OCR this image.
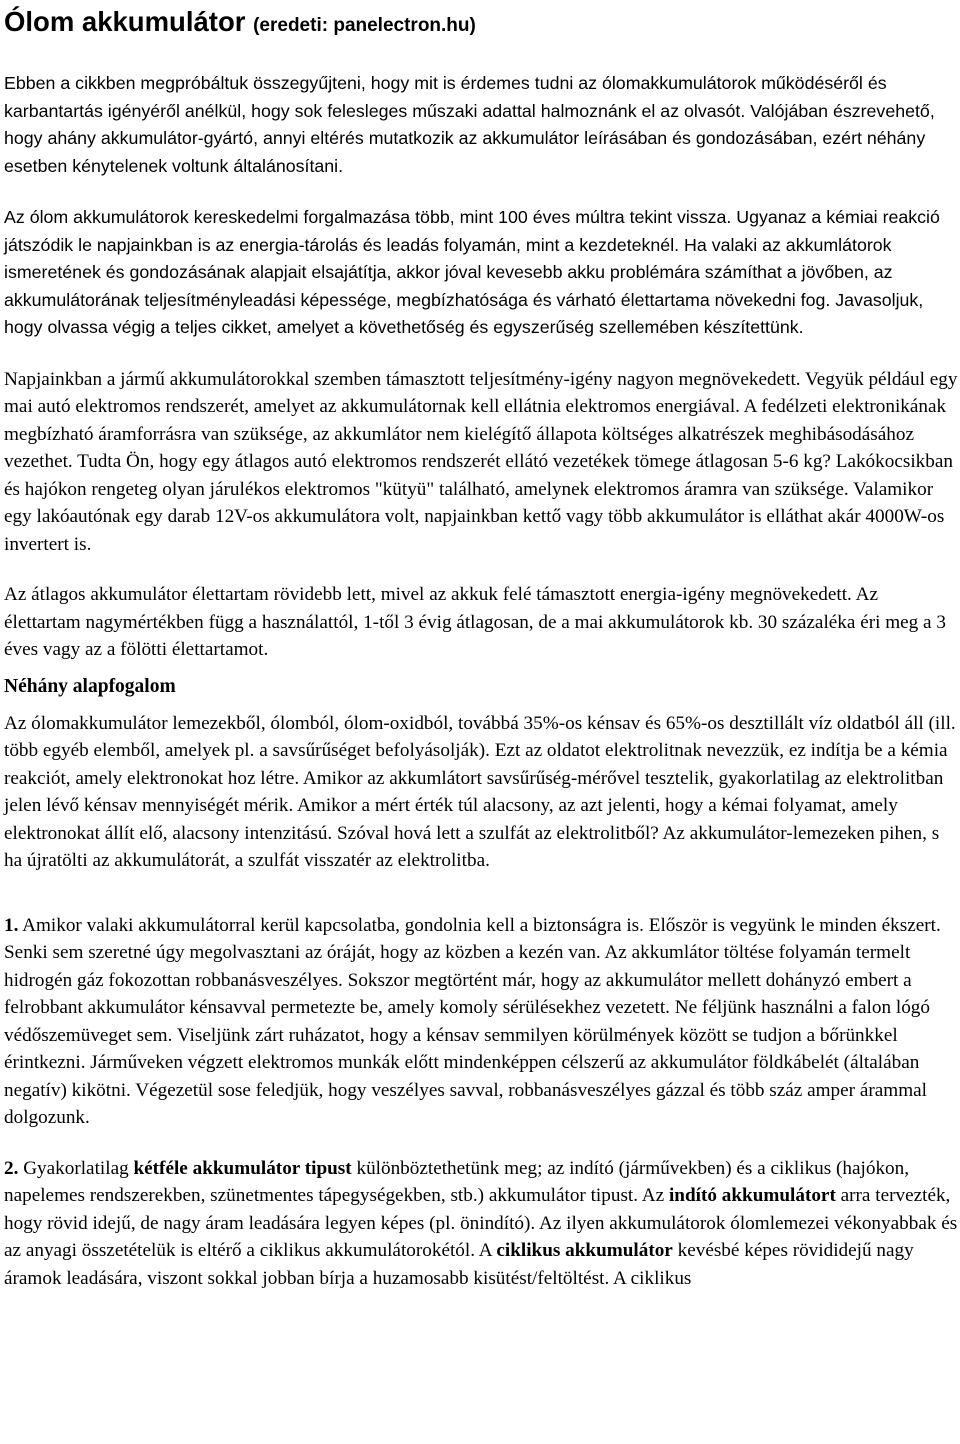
Ólom akkumulátor (eredeti: panelectron.hu)

Ebben a cikkben megpróbáltuk összegyűjteni, hogy mit is érdemes tudni az ólomakkumulátorok működéséről és karbantartás igényéről anélkül, hogy sok felesleges műszaki adattal halmoznánk el az olvasót. Valójában észrevehető, hogy ahány akkumulátor-gyártó, annyi eltérés mutatkozik az akkumulátor leírásában és gondozásában, ezért néhány esetben kénytelenek voltunk általánosítani.

Az ólom akkumulátorok kereskedelmi forgalmazása több, mint 100 éves múltra tekint vissza. Ugyanaz a kémiai reakció játszódik le napjainkban is az energia-tárolás és leadás folyamán, mint a kezdeteknél. Ha valaki az akkumlátorok ismeretének és gondozásának alapjait elsajátítja, akkor jóval kevesebb akku problémára számíthat a jövőben, az akkumulátorának teljesítményleadási képessége, megbízhatósága és várható élettartama növekedni fog. Javasoljuk, hogy olvassa végig a teljes cikket, amelyet a követhetőség és egyszerűség szellemében készítettünk.

Napjainkban a jármű akkumulátorokkal szemben támasztott teljesítmény-igény nagyon megnövekedett. Vegyük például egy mai autó elektromos rendszerét, amelyet az akkumulátornak kell ellátnia elektromos energiával. A fedélzeti elektronikának megbízható áramforrásra van szüksége, az akkumlátor nem kielégítő állapota költséges alkatrészek meghibásodásához vezethet. Tudta Ön, hogy egy átlagos autó elektromos rendszerét ellátó vezetékek tömege átlagosan 5-6 kg? Lakókocsikban és hajókon rengeteg olyan járulékos elektromos "kütyü" található, amelynek elektromos áramra van szüksége. Valamikor egy lakóautónak egy darab 12V-os akkumulátora volt, napjainkban kettő vagy több akkumulátor is elláthat akár 4000W-os invertert is.

Az átlagos akkumulátor élettartam rövidebb lett, mivel az akkuk felé támasztott energia-igény megnövekedett. Az élettartam nagymértékben függ a használattól, 1-től 3 évig átlagosan, de a mai akkumulátorok kb. 30 százaléka éri meg a 3 éves vagy az a fölötti élettartamot.

Néhány alapfogalom

Az ólomakkumulátor lemezekből, ólomból, ólom-oxidból, továbbá 35%-os kénsav és 65%-os desztillált víz oldatból áll (ill. több egyéb elemből, amelyek pl. a savsűrűséget befolyásolják). Ezt az oldatot elektrolitnak nevezzük, ez indítja be a kémia reakciót, amely elektronokat hoz létre. Amikor az akkumlátort savsűrűség-mérővel tesztelik, gyakorlatilag az elektrolitban jelen lévő kénsav mennyiségét mérik. Amikor a mért érték túl alacsony, az azt jelenti, hogy a kémai folyamat, amely elektronokat állít elő, alacsony intenzitású. Szóval hová lett a szulfát az elektrolitből? Az akkumulátor-lemezeken pihen, s ha újratölti az akkumulátorát, a szulfát visszatér az elektrolitba.

1. Amikor valaki akkumulátorral kerül kapcsolatba, gondolnia kell a biztonságra is. Először is vegyünk le minden ékszert. Senki sem szeretné úgy megolvasztani az óráját, hogy az közben a kezén van. Az akkumlátor töltése folyamán termelt hidrogén gáz fokozottan robbanásveszélyes. Sokszor megtörtént már, hogy az akkumulátor mellett dohányzó embert a felrobbant akkumulátor kénsavval permetezte be, amely komoly sérülésekhez vezetett. Ne féljünk használni a falon lógó védőszemüveget sem. Viseljünk zárt ruházatot, hogy a kénsav semmilyen körülmények között se tudjon a bőrünkkel érintkezni. Járműveken végzett elektromos munkák előtt mindenképpen célszerű az akkumulátor földkábelét (általában negatív) kikötni. Végezetül sose feledjük, hogy veszélyes savval, robbanásveszélyes gázzal és több száz amper árammal dolgozunk.

2. Gyakorlatilag kétféle akkumulátor tipust különböztethetünk meg; az indító (járművekben) és a ciklikus (hajókon, napelemes rendszerekben, szünetmentes tápegységekben, stb.) akkumulátor tipust. Az indító akkumulátort arra tervezték, hogy rövid idejű, de nagy áram leadására legyen képes (pl. önindító). Az ilyen akkumulátorok ólomlemezei vékonyabbak és az anyagi összetételük is eltérő a ciklikus akkumulátorokétól. A ciklikus akkumulátor kevésbé képes rövididejű nagy áramok leadására, viszont sokkal jobban bírja a huzamosabb kisütést/feltöltést. A ciklikus
